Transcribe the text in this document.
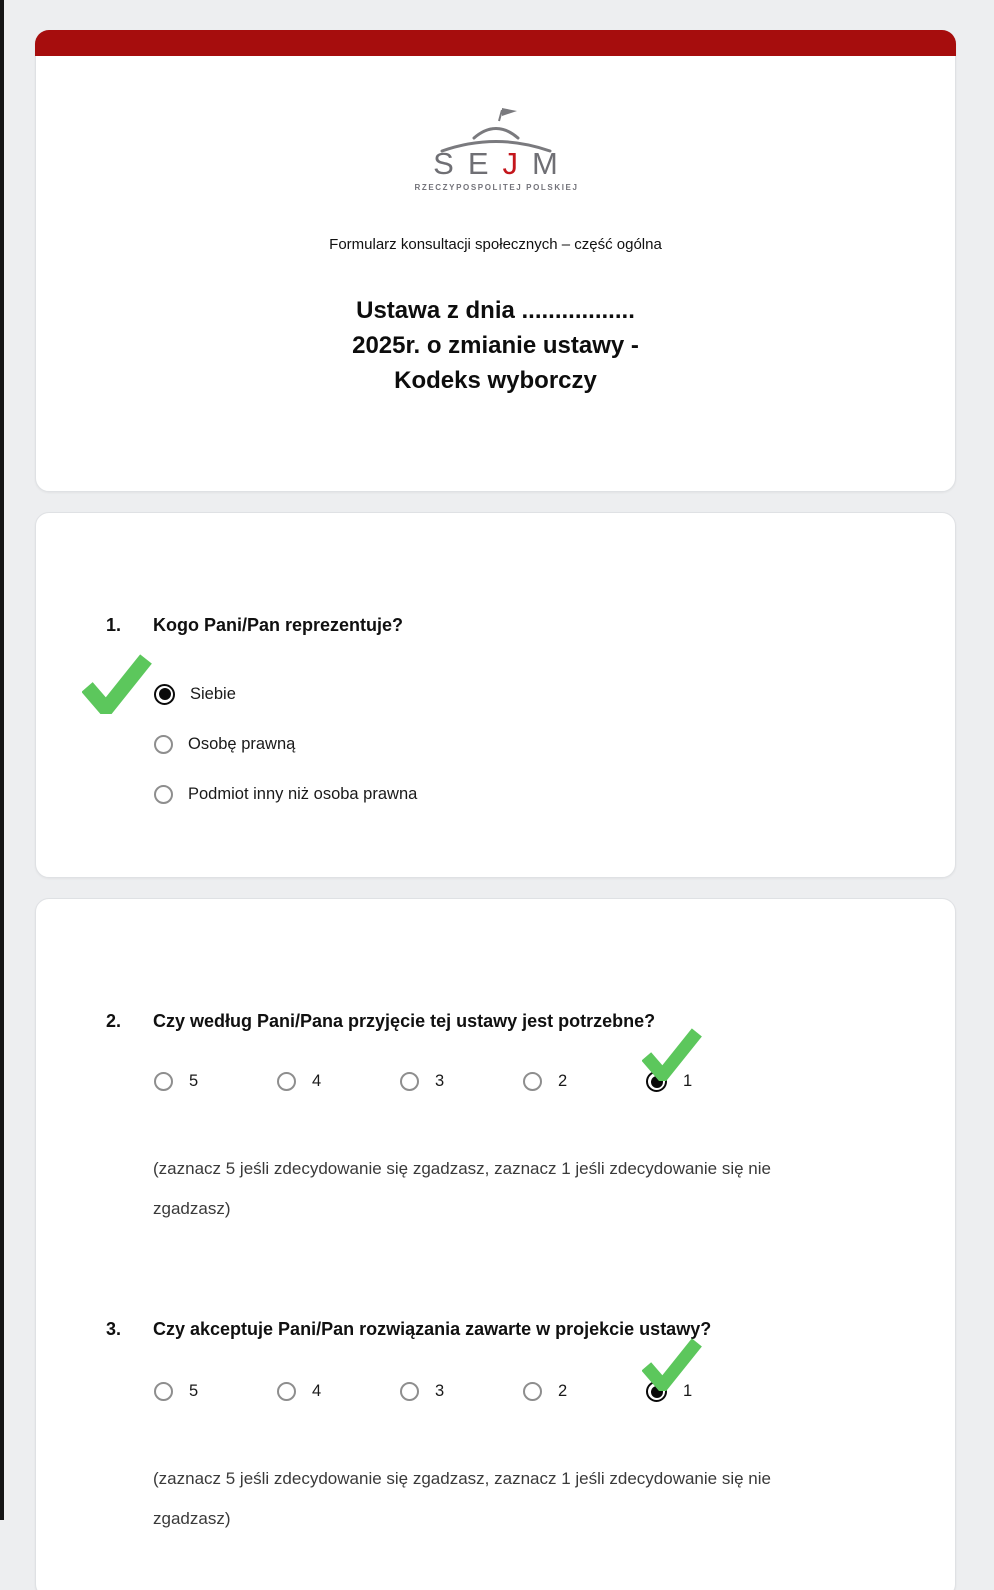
SEJM
RZECZYPOSPOLITEJ POLSKIEJ
Formularz konsultacji społecznych – część ogólna
Ustawa z dnia .................
2025r. o zmianie ustawy -
Kodeks wyborczy
1. Kogo Pani/Pan reprezentuje?
Siebie
Osobę prawną
Podmiot inny niż osoba prawna
2. Czy według Pani/Pana przyjęcie tej ustawy jest potrzebne?
5	4	3	2	1
(zaznacz 5 jeśli zdecydowanie się zgadzasz, zaznacz 1 jeśli zdecydowanie się nie
zgadzasz)
3. Czy akceptuje Pani/Pan rozwiązania zawarte w projekcie ustawy?
5	4	3	2	1
(zaznacz 5 jeśli zdecydowanie się zgadzasz, zaznacz 1 jeśli zdecydowanie się nie
zgadzasz)
